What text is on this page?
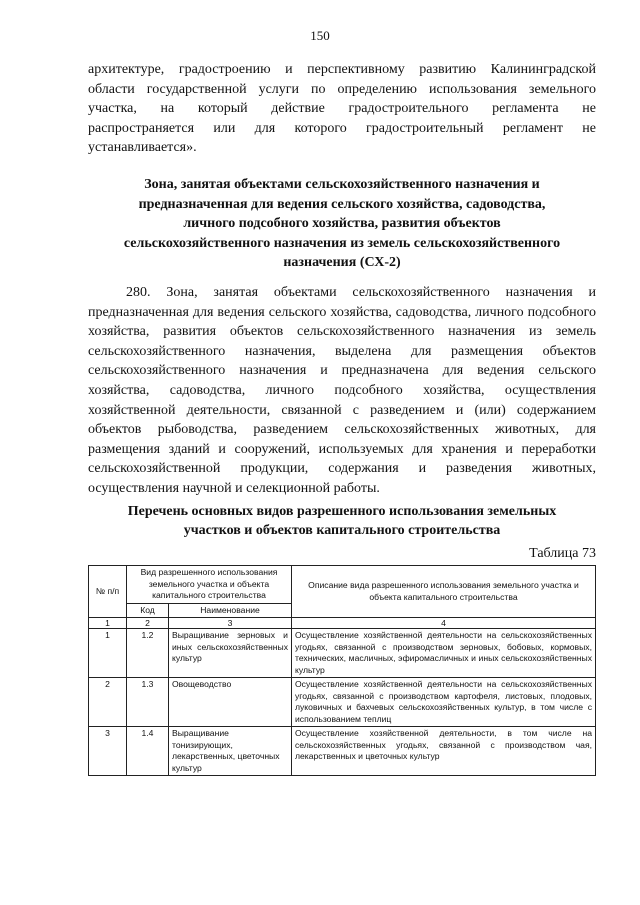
150

архитектуре, градостроению и перспективному развитию Калининградской

области государственной услуги по определению использования земельного

участка, на который действие градостроительного регламента не

распространяется или для которого градостроительный регламент не

устанавливается».

Зона, занятая объектами сельскохозяйственного назначения и

предназначенная для ведения сельского хозяйства, садоводства,

личного подсобного хозяйства, развития объектов

сельскохозяйственного назначения из земель сельскохозяйственного

назначения (СХ-2)

280. Зона, занятая объектами сельскохозяйственного назначения и предназначенная для ведения сельского хозяйства, садоводства, личного подсобного хозяйства, развития объектов сельскохозяйственного назначения из земель сельскохозяйственного назначения, выделена для размещения объектов сельскохозяйственного назначения и предназначена для ведения сельского хозяйства, садоводства, личного подсобного хозяйства, осуществления хозяйственной деятельности, связанной с разведением и (или) содержанием объектов рыбоводства, разведением сельскохозяйственных животных, для размещения зданий и сооружений, используемых для хранения и переработки сельскохозяйственной продукции, содержания и разведения животных, осуществления научной и селекционной работы.

Перечень основных видов разрешенного использования земельных

участков и объектов капитального строительства

Таблица 73
№ п/п	Вид разрешенного использования земельного участка и объекта капитального строительства		Описание вида разрешенного использования земельного участка и объекта капитального строительства
	Код	Наименование	
1	2	3	4
1	1.2	Выращивание зерновых и иных сельскохозяйственных культур	Осуществление хозяйственной деятельности на сельскохозяйственных угодьях, связанной с производством зерновых, бобовых, кормовых, технических, масличных, эфиромасличных и иных сельскохозяйственных культур
2	1.3	Овощеводство	Осуществление хозяйственной деятельности на сельскохозяйственных угодьях, связанной с производством картофеля, листовых, плодовых, луковичных и бахчевых сельскохозяйственных культур, в том числе с использованием теплиц
3	1.4	Выращивание тонизирующих, лекарственных, цветочных культур	Осуществление хозяйственной деятельности, в том числе на сельскохозяйственных угодьях, связанной с производством чая, лекарственных и цветочных культур
